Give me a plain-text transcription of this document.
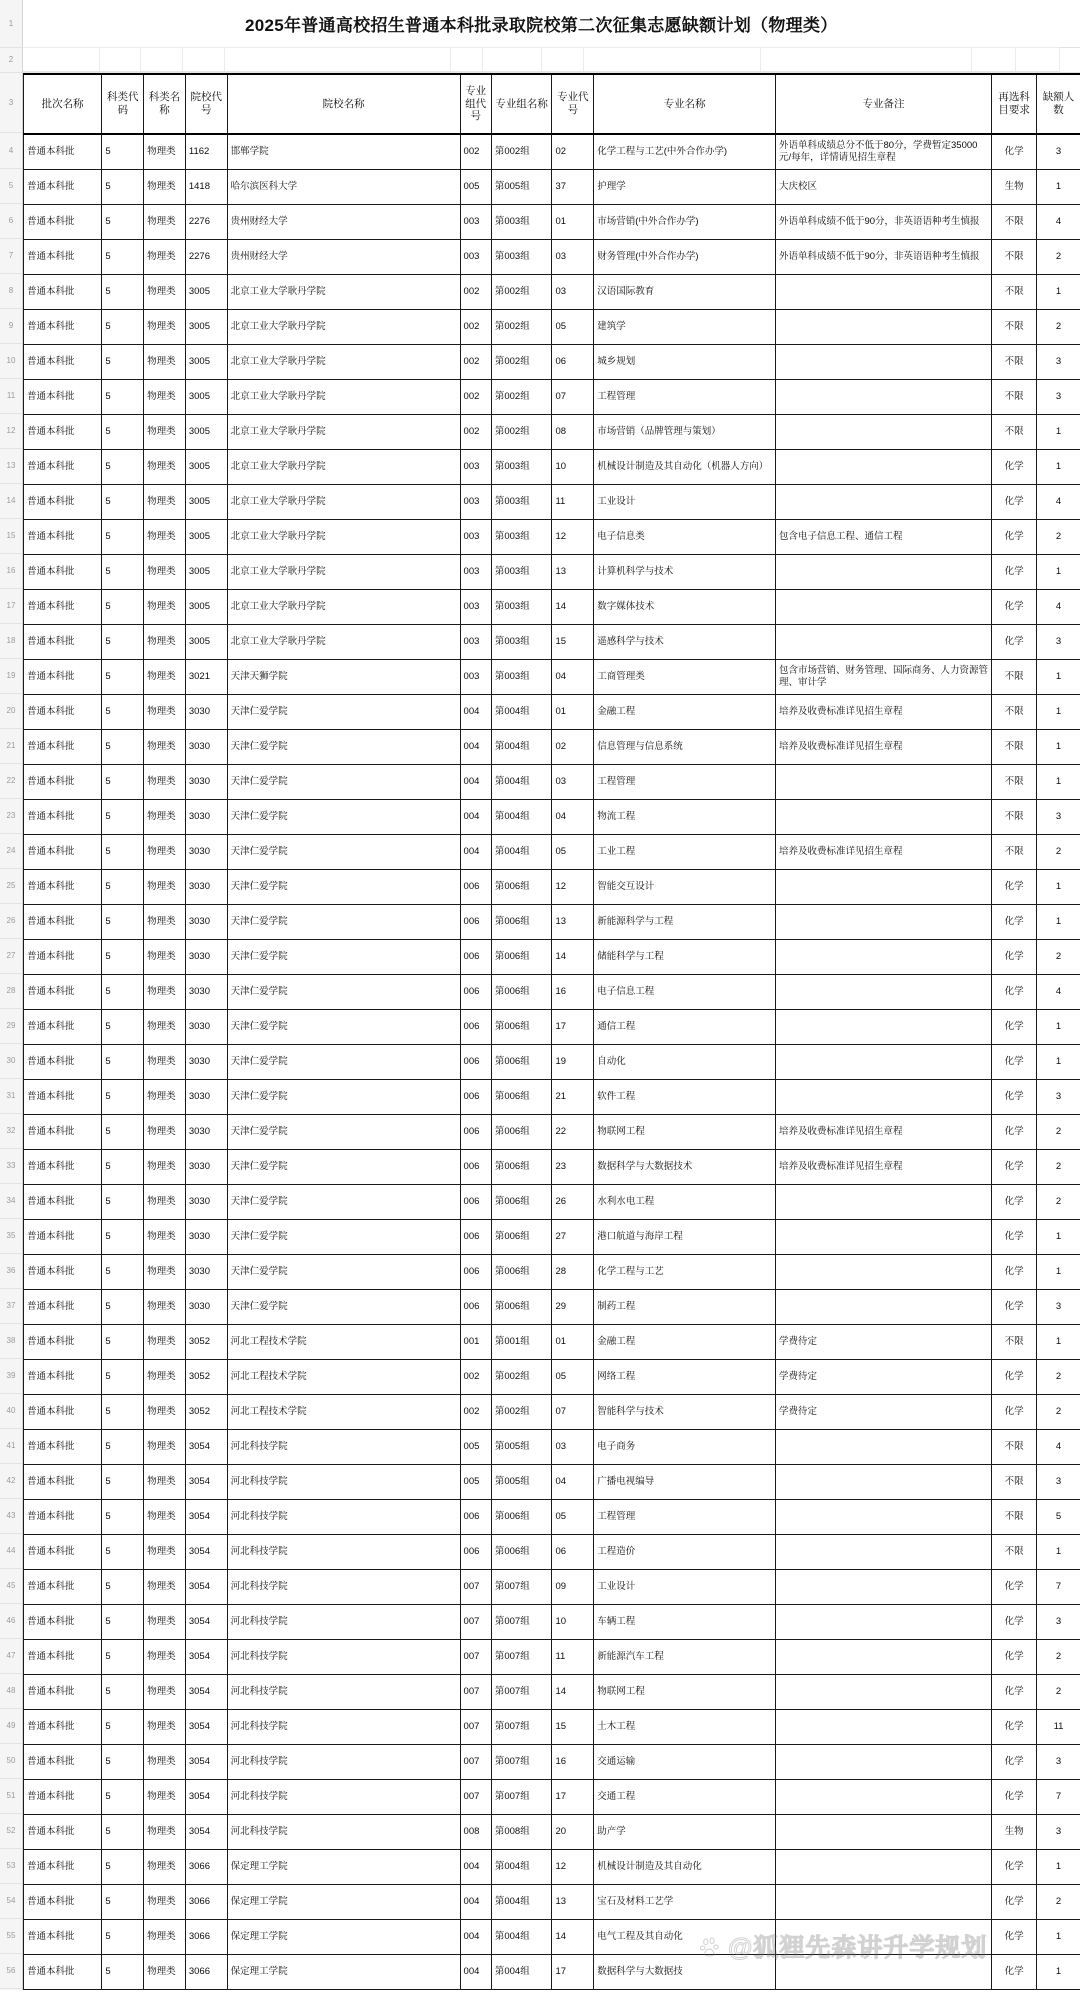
1	2025年普通高校招生普通本科批录取院校第二次征集志愿缺额计划（物理类）	
2	

3
4
5
6
7
8
9
10
11
12
13
14
15
16
17
18
19
20
21
22
23
24
25
26
27
28
29
30
31
32
33
34
35
36
37
38
39
40
41
42
43
44
45
46
47
48
49
50
51
52
53
54
55
56
批次名称	科类代码	科类名称	院校代号	院校名称	专业组代号	专业组名称	专业代号	专业名称	专业备注	再选科目要求	缺额人数
普通本科批	5	物理类	1162	邯郸学院	002	第002组	02	化学工程与工艺(中外合作办学)	外语单科成绩总分不低于80分，学费暂定35000元/每年，详情请见招生章程	化学	3
普通本科批	5	物理类	1418	哈尔滨医科大学	005	第005组	37	护理学	大庆校区	生物	1
普通本科批	5	物理类	2276	贵州财经大学	003	第003组	01	市场营销(中外合作办学)	外语单科成绩不低于90分，非英语语种考生慎报	不限	4
普通本科批	5	物理类	2276	贵州财经大学	003	第003组	03	财务管理(中外合作办学)	外语单科成绩不低于90分，非英语语种考生慎报	不限	2
普通本科批	5	物理类	3005	北京工业大学耿丹学院	002	第002组	03	汉语国际教育		不限	1
普通本科批	5	物理类	3005	北京工业大学耿丹学院	002	第002组	05	建筑学		不限	2
普通本科批	5	物理类	3005	北京工业大学耿丹学院	002	第002组	06	城乡规划		不限	3
普通本科批	5	物理类	3005	北京工业大学耿丹学院	002	第002组	07	工程管理		不限	3
普通本科批	5	物理类	3005	北京工业大学耿丹学院	002	第002组	08	市场营销（品牌管理与策划）		不限	1
普通本科批	5	物理类	3005	北京工业大学耿丹学院	003	第003组	10	机械设计制造及其自动化（机器人方向）		化学	1
普通本科批	5	物理类	3005	北京工业大学耿丹学院	003	第003组	11	工业设计		化学	4
普通本科批	5	物理类	3005	北京工业大学耿丹学院	003	第003组	12	电子信息类	包含电子信息工程、通信工程	化学	2
普通本科批	5	物理类	3005	北京工业大学耿丹学院	003	第003组	13	计算机科学与技术		化学	1
普通本科批	5	物理类	3005	北京工业大学耿丹学院	003	第003组	14	数字媒体技术		化学	4
普通本科批	5	物理类	3005	北京工业大学耿丹学院	003	第003组	15	遥感科学与技术		化学	3
普通本科批	5	物理类	3021	天津天狮学院	003	第003组	04	工商管理类	包含市场营销、财务管理、国际商务、人力资源管理、审计学	不限	1
普通本科批	5	物理类	3030	天津仁爱学院	004	第004组	01	金融工程	培养及收费标准详见招生章程	不限	1
普通本科批	5	物理类	3030	天津仁爱学院	004	第004组	02	信息管理与信息系统	培养及收费标准详见招生章程	不限	1
普通本科批	5	物理类	3030	天津仁爱学院	004	第004组	03	工程管理		不限	1
普通本科批	5	物理类	3030	天津仁爱学院	004	第004组	04	物流工程		不限	3
普通本科批	5	物理类	3030	天津仁爱学院	004	第004组	05	工业工程	培养及收费标准详见招生章程	不限	2
普通本科批	5	物理类	3030	天津仁爱学院	006	第006组	12	智能交互设计		化学	1
普通本科批	5	物理类	3030	天津仁爱学院	006	第006组	13	新能源科学与工程		化学	1
普通本科批	5	物理类	3030	天津仁爱学院	006	第006组	14	储能科学与工程		化学	2
普通本科批	5	物理类	3030	天津仁爱学院	006	第006组	16	电子信息工程		化学	4
普通本科批	5	物理类	3030	天津仁爱学院	006	第006组	17	通信工程		化学	1
普通本科批	5	物理类	3030	天津仁爱学院	006	第006组	19	自动化		化学	1
普通本科批	5	物理类	3030	天津仁爱学院	006	第006组	21	软件工程		化学	3
普通本科批	5	物理类	3030	天津仁爱学院	006	第006组	22	物联网工程	培养及收费标准详见招生章程	化学	2
普通本科批	5	物理类	3030	天津仁爱学院	006	第006组	23	数据科学与大数据技术	培养及收费标准详见招生章程	化学	2
普通本科批	5	物理类	3030	天津仁爱学院	006	第006组	26	水利水电工程		化学	2
普通本科批	5	物理类	3030	天津仁爱学院	006	第006组	27	港口航道与海岸工程		化学	1
普通本科批	5	物理类	3030	天津仁爱学院	006	第006组	28	化学工程与工艺		化学	1
普通本科批	5	物理类	3030	天津仁爱学院	006	第006组	29	制药工程		化学	3
普通本科批	5	物理类	3052	河北工程技术学院	001	第001组	01	金融工程	学费待定	不限	1
普通本科批	5	物理类	3052	河北工程技术学院	002	第002组	05	网络工程	学费待定	化学	2
普通本科批	5	物理类	3052	河北工程技术学院	002	第002组	07	智能科学与技术	学费待定	化学	2
普通本科批	5	物理类	3054	河北科技学院	005	第005组	03	电子商务		不限	4
普通本科批	5	物理类	3054	河北科技学院	005	第005组	04	广播电视编导		不限	3
普通本科批	5	物理类	3054	河北科技学院	006	第006组	05	工程管理		不限	5
普通本科批	5	物理类	3054	河北科技学院	006	第006组	06	工程造价		不限	1
普通本科批	5	物理类	3054	河北科技学院	007	第007组	09	工业设计		化学	7
普通本科批	5	物理类	3054	河北科技学院	007	第007组	10	车辆工程		化学	3
普通本科批	5	物理类	3054	河北科技学院	007	第007组	11	新能源汽车工程		化学	2
普通本科批	5	物理类	3054	河北科技学院	007	第007组	14	物联网工程		化学	2
普通本科批	5	物理类	3054	河北科技学院	007	第007组	15	土木工程		化学	11
普通本科批	5	物理类	3054	河北科技学院	007	第007组	16	交通运输		化学	3
普通本科批	5	物理类	3054	河北科技学院	007	第007组	17	交通工程		化学	7
普通本科批	5	物理类	3054	河北科技学院	008	第008组	20	助产学		生物	3
普通本科批	5	物理类	3066	保定理工学院	004	第004组	12	机械设计制造及其自动化		化学	1
普通本科批	5	物理类	3066	保定理工学院	004	第004组	13	宝石及材料工艺学		化学	2
普通本科批	5	物理类	3066	保定理工学院	004	第004组	14	电气工程及其自动化		化学	1
普通本科批	5	物理类	3066	保定理工学院	004	第004组	17	数据科学与大数据技		化学	1
